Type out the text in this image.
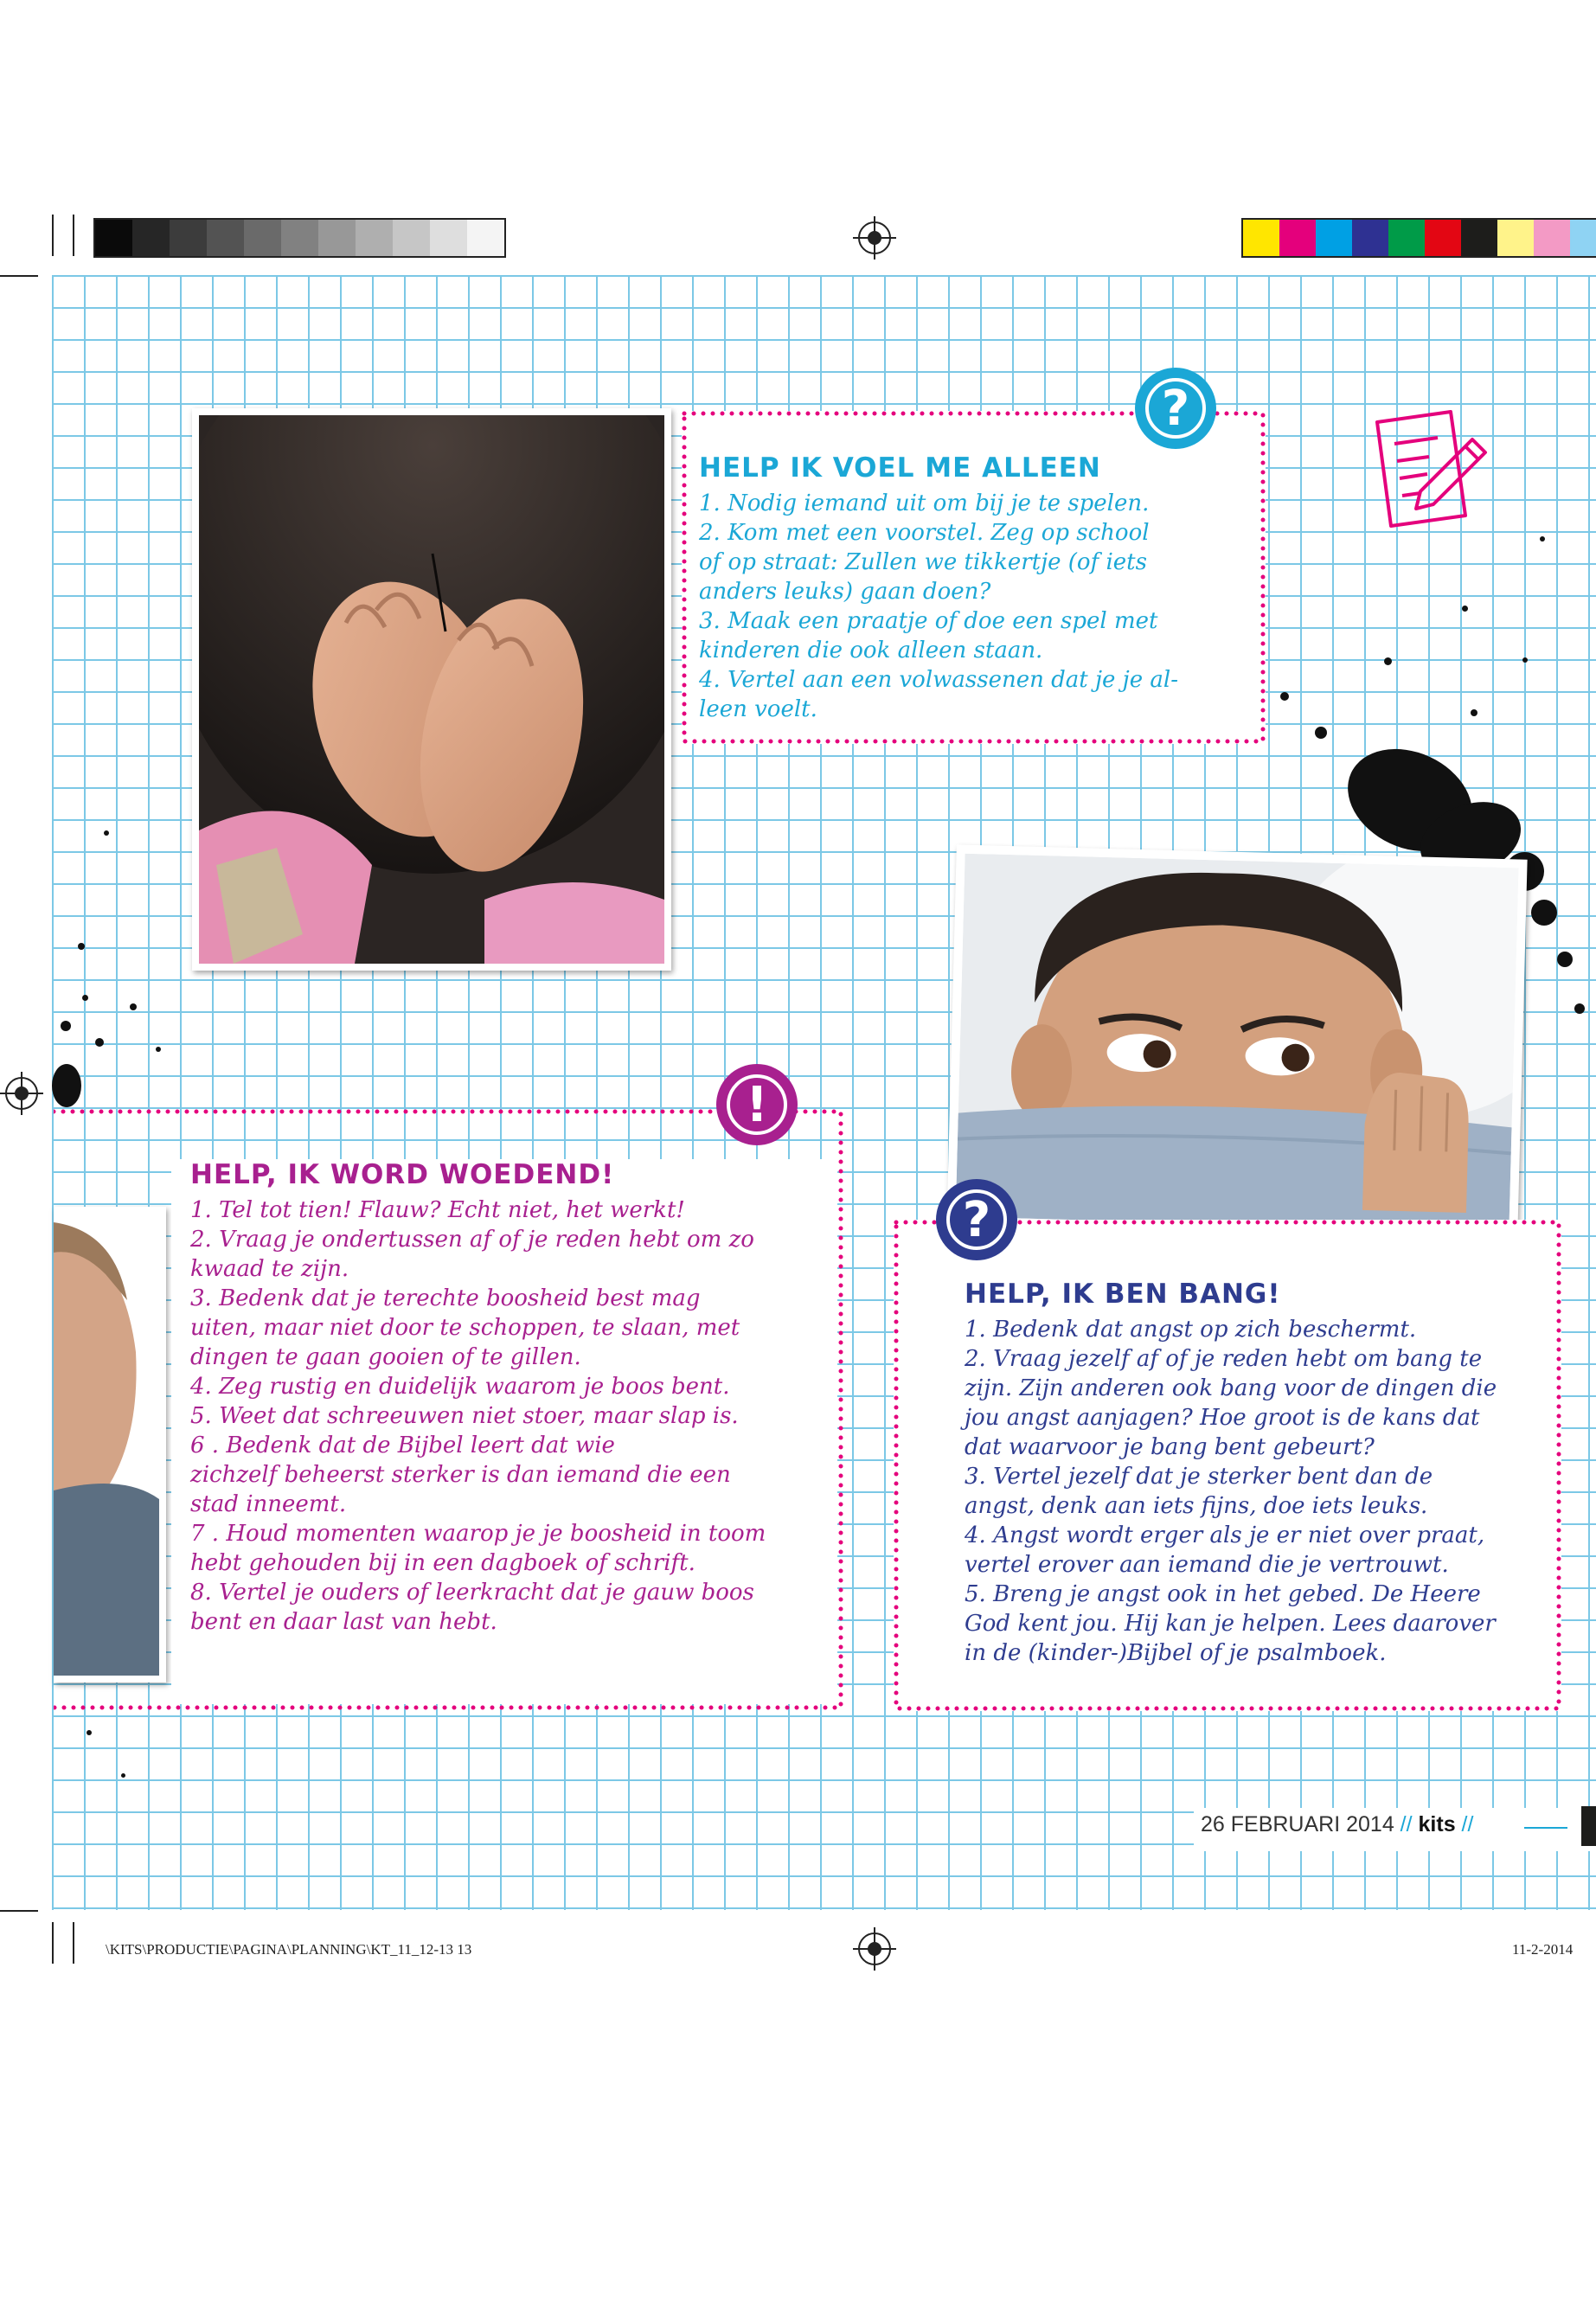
HELP IK VOEL ME ALLEEN
1. Nodig iemand uit om bij je te spelen.
2. Kom met een voorstel. Zeg op school
of op straat: Zullen we tikkertje (of iets
anders leuks) gaan doen?
3. Maak een praatje of doe een spel met
kinderen die ook alleen staan.
4. Vertel aan een volwassenen dat je je al-
leen voelt.
?
HELP, IK WORD WOEDEND!
1. Tel tot tien! Flauw? Echt niet, het werkt!
2. Vraag je ondertussen af of je reden hebt om zo
kwaad te zijn.
3. Bedenk dat je terechte boosheid best mag
uiten, maar niet door te schoppen, te slaan, met
dingen te gaan gooien of te gillen.
4. Zeg rustig en duidelijk waarom je boos bent.
5. Weet dat schreeuwen niet stoer, maar slap is.
6 . Bedenk dat de Bijbel leert dat wie
zichzelf beheerst sterker is dan iemand die een
stad inneemt.
7 . Houd momenten waarop je je boosheid in toom
hebt gehouden bij in een dagboek of schrift.
8. Vertel je ouders of leerkracht dat je gauw boos
bent en daar last van hebt.
!
HELP, IK BEN BANG!
1. Bedenk dat angst op zich beschermt.
2. Vraag jezelf af of je reden hebt om bang te
zijn. Zijn anderen ook bang voor de dingen die
jou angst aanjagen? Hoe groot is de kans dat
dat waarvoor je bang bent gebeurt?
3. Vertel jezelf dat je sterker bent dan de
angst, denk aan iets fijns, doe iets leuks.
4. Angst wordt erger als je er niet over praat,
vertel erover aan iemand die je vertrouwt.
5. Breng je angst ook in het gebed. De Heere
God kent jou. Hij kan je helpen. Lees daarover
in de (kinder-)Bijbel of je psalmboek.
?
26 FEBRUARI 2014 // kits //
\KITS\PRODUCTIE\PAGINA\PLANNING\KT_11_12-13 13	11-2-2014
